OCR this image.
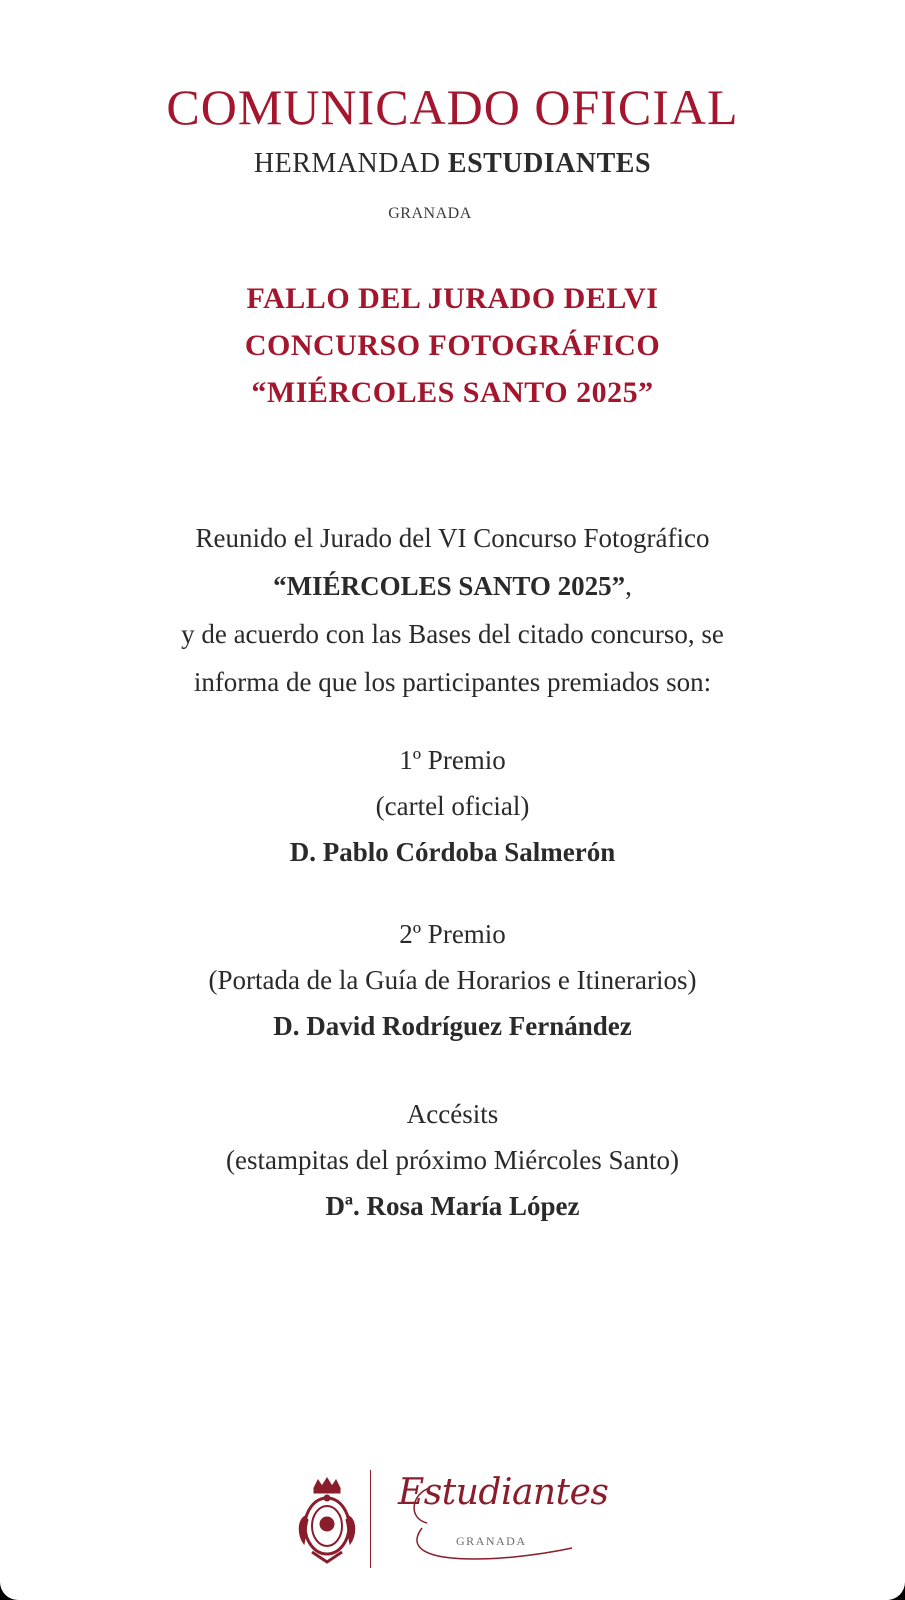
COMUNICADO OFICIAL
HERMANDAD ESTUDIANTES
GRANADA
FALLO DEL JURADO DELVI
CONCURSO FOTOGRÁFICO
“MIÉRCOLES SANTO 2025”
Reunido el Jurado del VI Concurso Fotográfico
“MIÉRCOLES SANTO 2025”,
y de acuerdo con las Bases del citado concurso, se
informa de que los participantes premiados son:
1º Premio
(cartel oficial)
D. Pablo Córdoba Salmerón
2º Premio
(Portada de la Guía de Horarios e Itinerarios)
D. David Rodríguez Fernández
Accésits
(estampitas del próximo Miércoles Santo)
Dª. Rosa María López
Estudiantes
GRANADA
